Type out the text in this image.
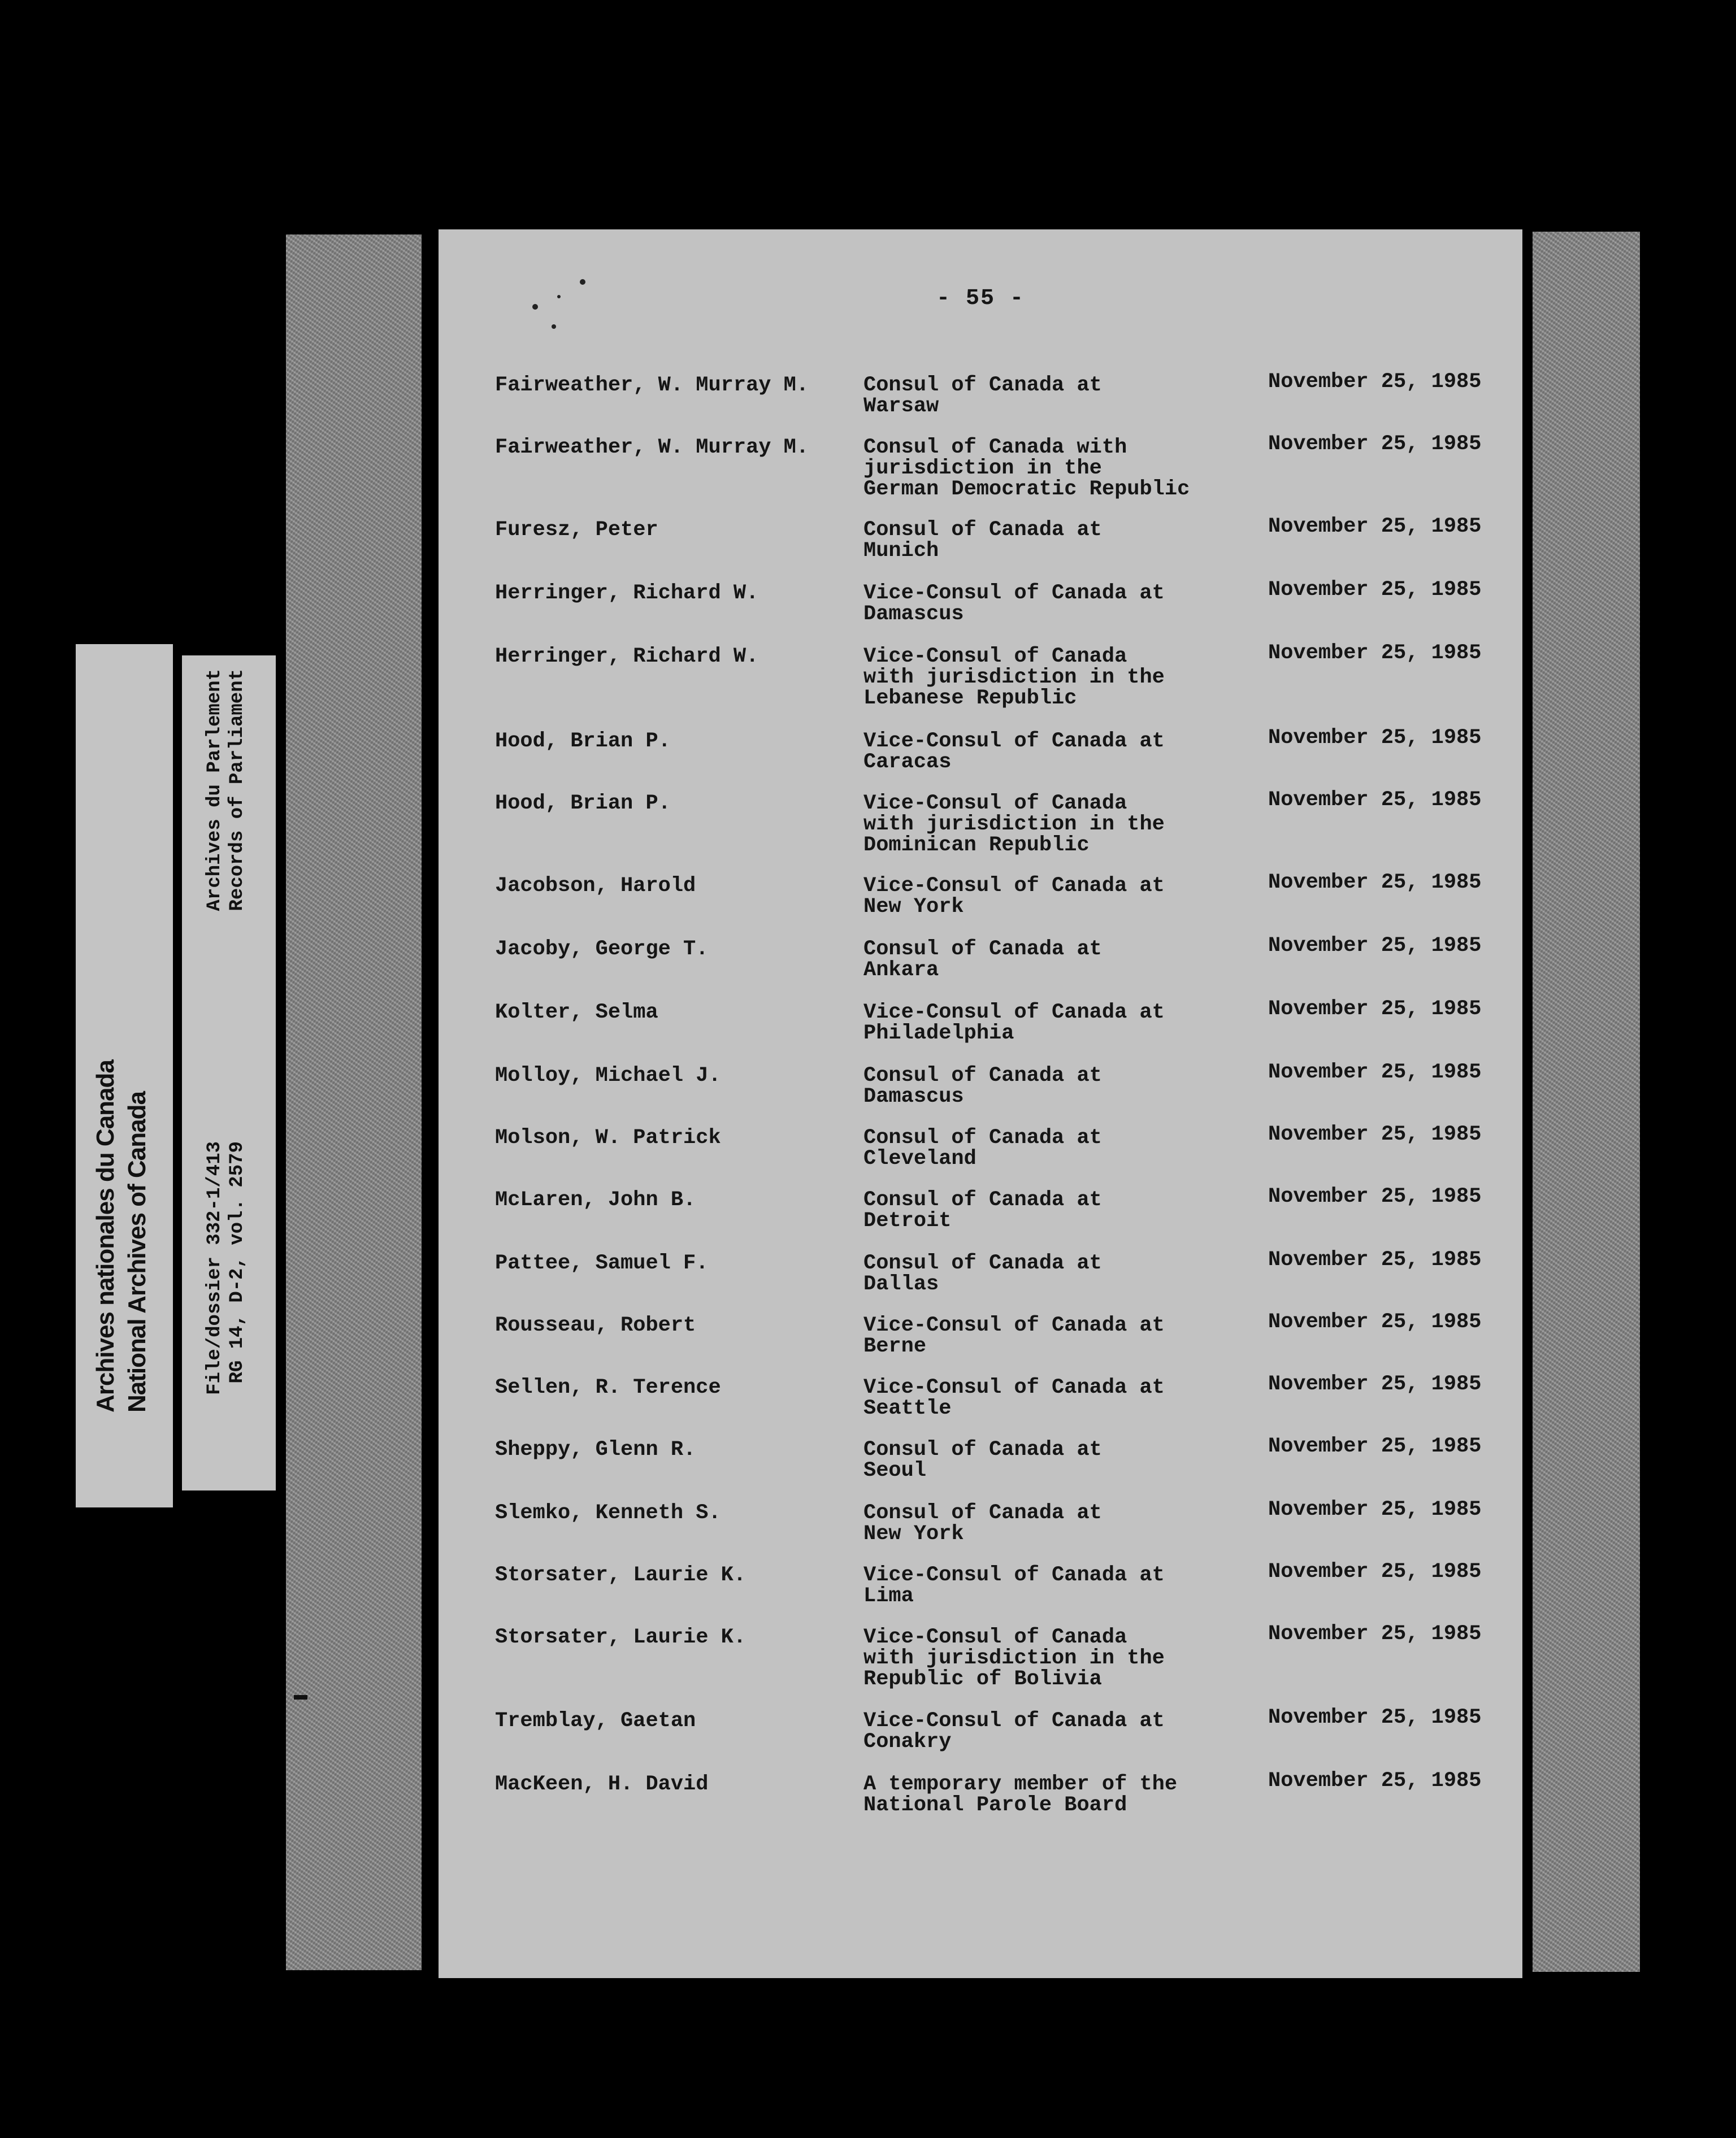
- 55 -
Fairweather, W. Murray M.	Consul of Canada at
Warsaw
November 25, 1985
Fairweather, W. Murray M.	Consul of Canada with
jurisdiction in the
German Democratic Republic
November 25, 1985
Furesz, Peter	Consul of Canada at
Munich
November 25, 1985
Herringer, Richard W.	Vice-Consul of Canada at
Damascus
November 25, 1985
Herringer, Richard W.	Vice-Consul of Canada
with jurisdiction in the
Lebanese Republic
November 25, 1985
Hood, Brian P.	Vice-Consul of Canada at
Caracas
November 25, 1985
Hood, Brian P.	Vice-Consul of Canada
with jurisdiction in the
Dominican Republic
November 25, 1985
Jacobson, Harold	Vice-Consul of Canada at
New York
November 25, 1985
Jacoby, George T.	Consul of Canada at
Ankara
November 25, 1985
Kolter, Selma	Vice-Consul of Canada at
Philadelphia
November 25, 1985
Molloy, Michael J.	Consul of Canada at
Damascus
November 25, 1985
Molson, W. Patrick	Consul of Canada at
Cleveland
November 25, 1985
McLaren, John B.	Consul of Canada at
Detroit
November 25, 1985
Pattee, Samuel F.	Consul of Canada at
Dallas
November 25, 1985
Rousseau, Robert	Vice-Consul of Canada at
Berne
November 25, 1985
Sellen, R. Terence	Vice-Consul of Canada at
Seattle
November 25, 1985
Sheppy, Glenn R.	Consul of Canada at
Seoul
November 25, 1985
Slemko, Kenneth S.	Consul of Canada at
New York
November 25, 1985
Storsater, Laurie K.	Vice-Consul of Canada at
Lima
November 25, 1985
Storsater, Laurie K.	Vice-Consul of Canada
with jurisdiction in the
Republic of Bolivia
November 25, 1985
Tremblay, Gaetan	Vice-Consul of Canada at
Conakry
November 25, 1985
MacKeen, H. David	A temporary member of the
National Parole Board
November 25, 1985
National Archives of Canada
Archives nationales du Canada
Records of Parliament
Archives du Parlement
RG 14, D-2, vol. 2579
File/dossier 332-1/413
